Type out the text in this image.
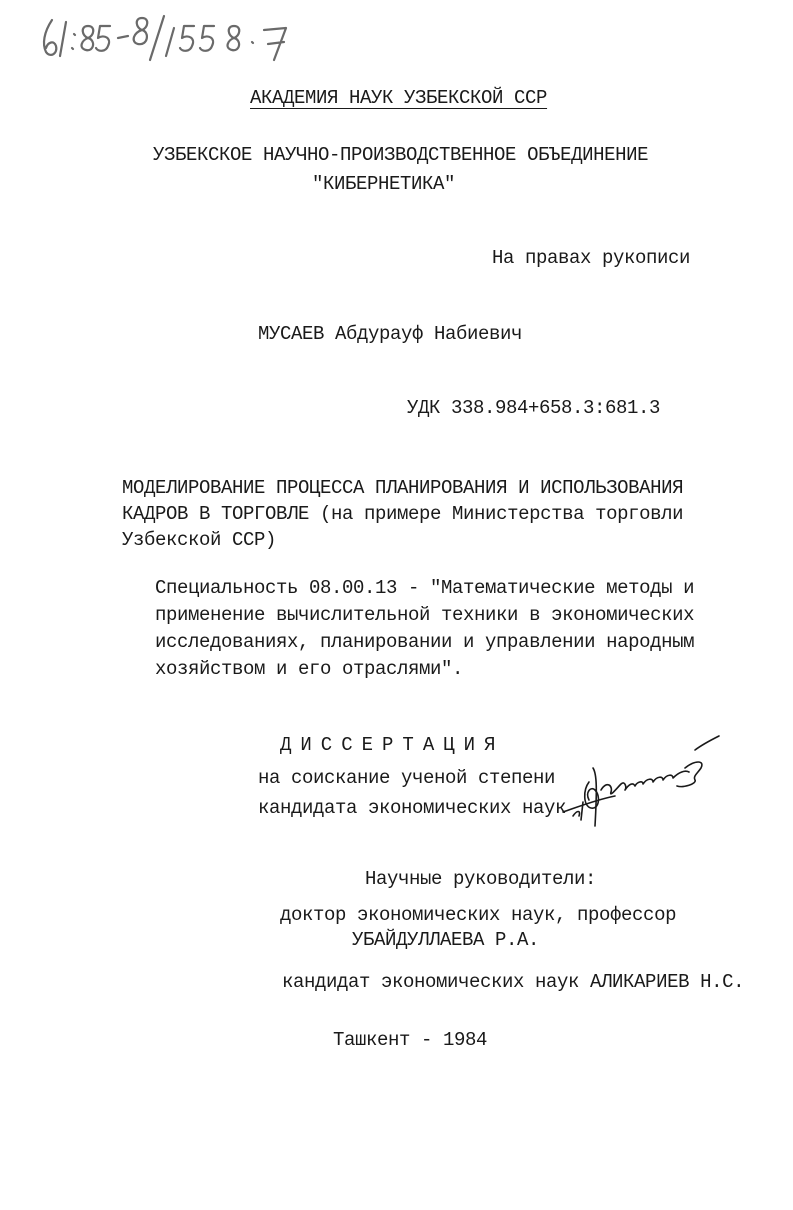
АКАДЕМИЯ НАУК УЗБЕКСКОЙ ССР
УЗБЕКСКОЕ НАУЧНО-ПРОИЗВОДСТВЕННОЕ ОБЪЕДИНЕНИЕ
"КИБЕРНЕТИКА"
На правах рукописи
МУСАЕВ Абдурауф Набиевич
УДК 338.984+658.3:681.3
МОДЕЛИРОВАНИЕ ПРОЦЕССА ПЛАНИРОВАНИЯ И ИСПОЛЬЗОВАНИЯ
КАДРОВ В ТОРГОВЛЕ (на примере Министерства торговли
Узбекской ССР)
Специальность 08.00.13 - "Математические методы и
применение вычислительной техники в экономических
исследованиях, планировании и управлении народным
хозяйством и его отраслями".
ДИССЕРТАЦИЯ
на соискание ученой степени
кандидата экономических наук
Научные руководители:
доктор экономических наук, профессор
УБАЙДУЛЛАЕВА Р.А.
кандидат экономических наук АЛИКАРИЕВ Н.С.
Ташкент - 1984
